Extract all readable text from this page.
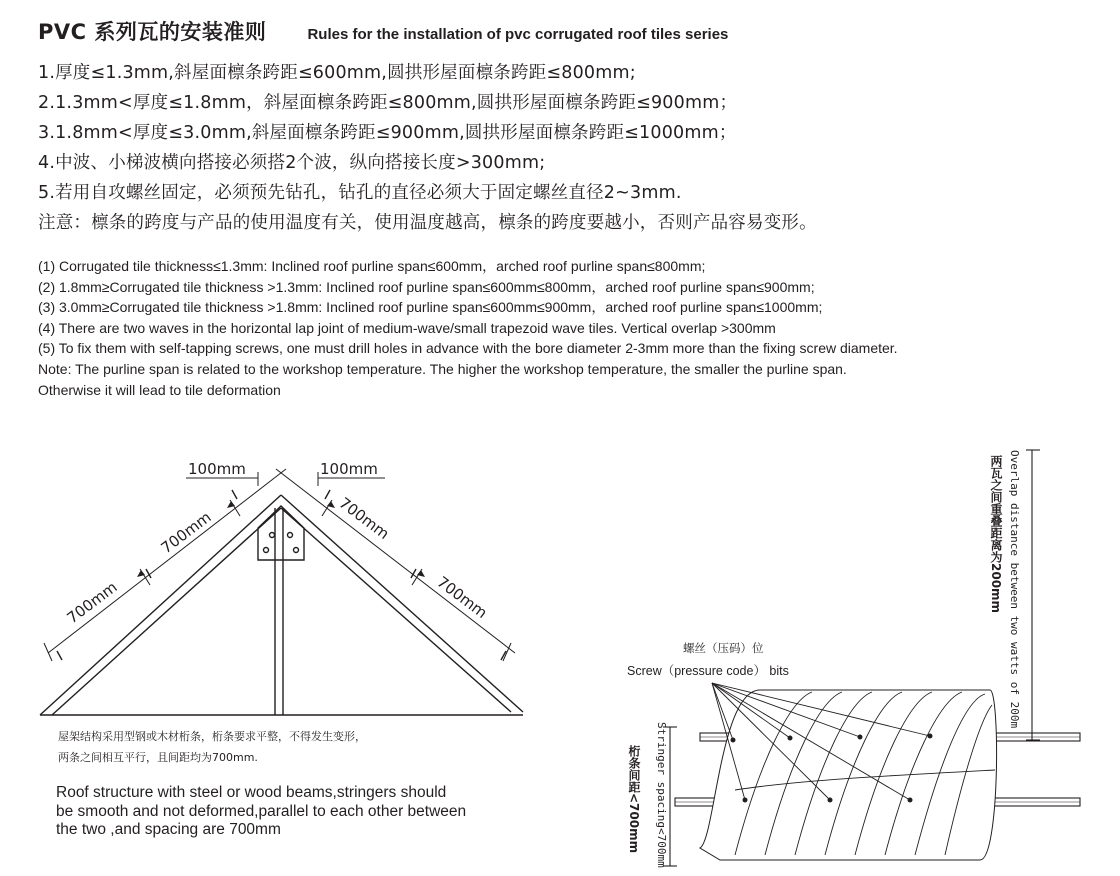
PVC 系列瓦的安装准则	Rules for the installation of pvc corrugated roof tiles series
1.厚度≤1.3mm,斜屋面檩条跨距≤600mm,圆拱形屋面檩条跨距≤800mm;
2.1.3mm<厚度≤1.8mm，斜屋面檩条跨距≤800mm,圆拱形屋面檩条跨距≤900mm；
3.1.8mm<厚度≤3.0mm,斜屋面檩条跨距≤900mm,圆拱形屋面檩条跨距≤1000mm；
4.中波、小梯波横向搭接必须搭2个波，纵向搭接长度>300mm;
5.若用自攻螺丝固定，必须预先钻孔，钻孔的直径必须大于固定螺丝直径2~3mm.
注意：檩条的跨度与产品的使用温度有关，使用温度越高，檩条的跨度要越小，否则产品容易变形。
(1) Corrugated tile thickness≤1.3mm: Inclined roof purline span≤600mm，arched roof purline span≤800mm;
(2) 1.8mm≥Corrugated tile thickness >1.3mm: Inclined roof purline span≤600mm≤800mm，arched roof purline span≤900mm;
(3) 3.0mm≥Corrugated tile thickness >1.8mm: Inclined roof purline span≤600mm≤900mm，arched roof purline span≤1000mm;
(4) There are two waves in the horizontal lap joint of medium-wave/small trapezoid wave tiles. Vertical overlap >300mm
(5) To fix them with self-tapping screws, one must drill holes in advance with the bore diameter 2-3mm more than the fixing screw diameter.
Note: The purline span is related to the workshop temperature. The higher the workshop temperature, the smaller the purline span.
Otherwise it will lead to tile deformation
100mm	100mm
700mm
700mm
700mm
700mm
屋架结构采用型钢或木材桁条，桁条要求平整，不得发生变形，
两条之间相互平行，且间距均为700mm.
Roof structure with steel or wood beams,stringers should
be smooth and not deformed,parallel to each other between
the two ,and spacing are 700mm
螺丝（压码）位
Screw（pressure code） bits
两瓦之间重叠距离为200mm Overlap distance between two watts of 200m
桁条间距<700mm Stringer spacing<700mm
